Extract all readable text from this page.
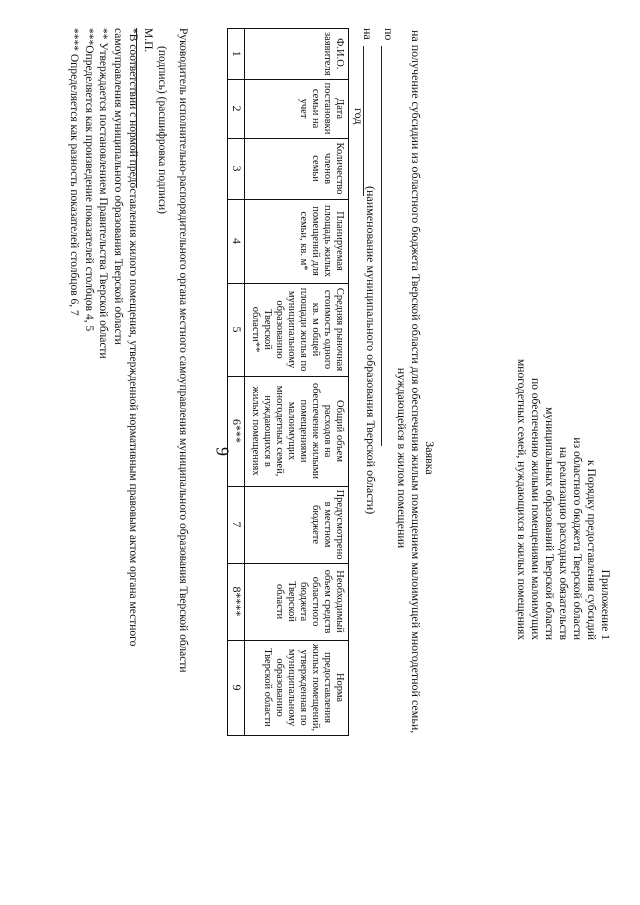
9
Приложение 1
к Порядку предоставления субсидий
из областного бюджета Тверской области
на реализацию расходных обязательств
муниципальных образований Тверской области
по обеспечению жилыми помещениями малоимущих
многодетных семей, нуждающихся в жилых помещениях
Заявка
на получение субсидии из областного бюджета Тверской области для обеспечения жилым помещением малоимущей многодетной семьи,
нуждающейся в жилом помещении
по
на
(наименование муниципального образования Тверской области)
год
Ф.И.О. заявителя	Дата постановки семьи на учет	Количество членов семьи	Планируемая площадь жилых помещений для семьи, кв. м*	Средняя рыночная стоимость одного кв. м общей площади жилья по муниципальному образованию Тверской области**	Общий объем расходов на обеспечение жилыми помещениями малоимущих многодетных семей, нуждающихся в жилых помещениях	Предусмотрено в местном бюджете	Необходимый объем средств областного бюджета Тверской области	Норма предоставления жилых помещений, утвержденная по муниципальному образованию Тверской области
1	2	3	4	5	6***	7	8****	9
Руководитель исполнительно-распорядительного органа местного самоуправления муниципального образования Тверской области
(подпись) (расшифровка подписи)
М.П.
*В соответствии с нормой предоставления жилого помещения, утвержденной нормативным правовым актом органа местного
самоуправления муниципального образования Тверской области
** Утверждается постановлением Правительства Тверской области
***Определяется как произведение показателей столбцов 4, 5
**** Определяется как разность показателей столбцов 6, 7
